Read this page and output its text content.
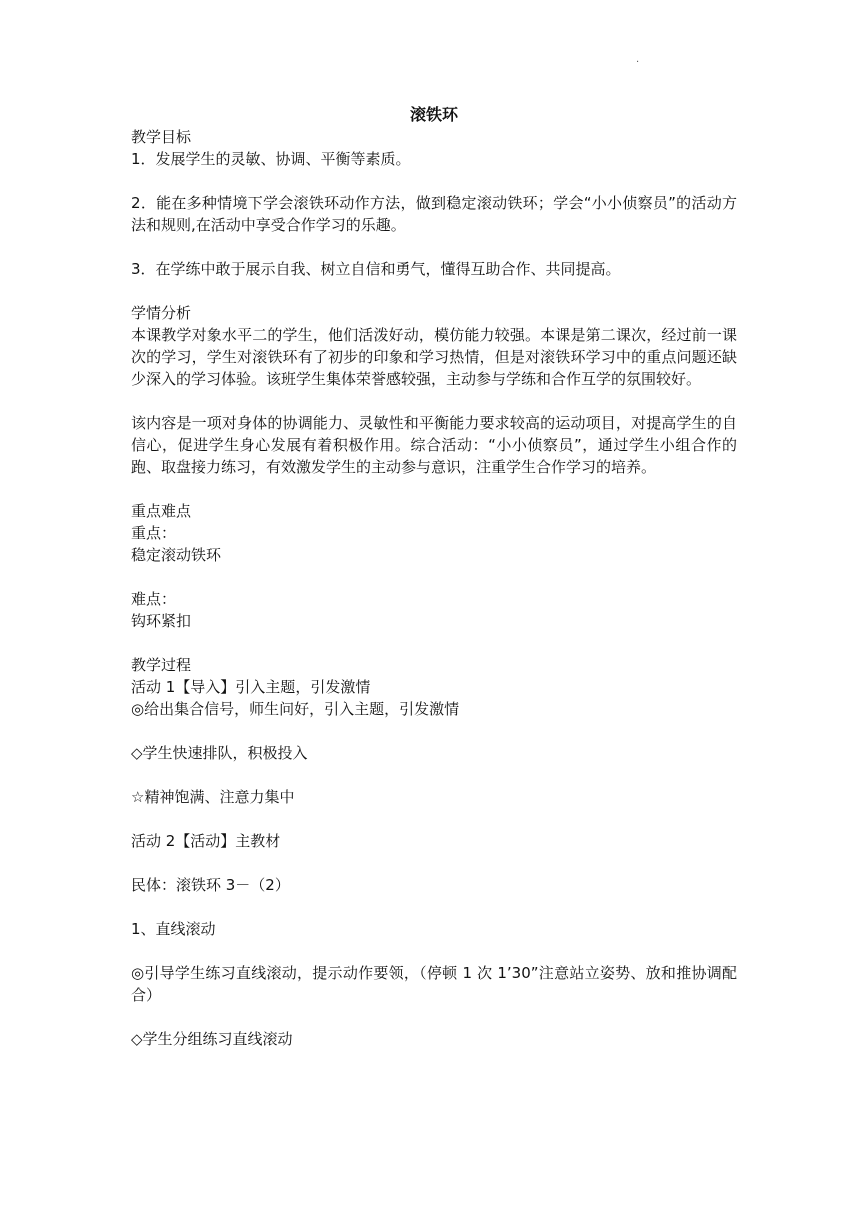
·

滚铁环

教学目标

1．发展学生的灵敏、协调、平衡等素质。

2．能在多种情境下学会滚铁环动作方法，做到稳定滚动铁环；学会“小小侦察员”的活动方法和规则,在活动中享受合作学习的乐趣。

3．在学练中敢于展示自我、树立自信和勇气，懂得互助合作、共同提高。

学情分析

本课教学对象水平二的学生，他们活泼好动，模仿能力较强。本课是第二课次，经过前一课次的学习，学生对滚铁环有了初步的印象和学习热情，但是对滚铁环学习中的重点问题还缺少深入的学习体验。该班学生集体荣誉感较强，主动参与学练和合作互学的氛围较好。

该内容是一项对身体的协调能力、灵敏性和平衡能力要求较高的运动项目，对提高学生的自信心，促进学生身心发展有着积极作用。综合活动：“小小侦察员”，通过学生小组合作的跑、取盘接力练习，有效激发学生的主动参与意识，注重学生合作学习的培养。

重点难点

重点：

稳定滚动铁环

难点：

钩环紧扣

教学过程

活动 1【导入】引入主题，引发激情

◎给出集合信号，师生问好，引入主题，引发激情

◇学生快速排队，积极投入

☆精神饱满、注意力集中

活动 2【活动】主教材

民体：滚铁环 3－（2）

1、直线滚动

◎引导学生练习直线滚动，提示动作要领，（停顿 1 次 1’30”注意站立姿势、放和推协调配合）

◇学生分组练习直线滚动
